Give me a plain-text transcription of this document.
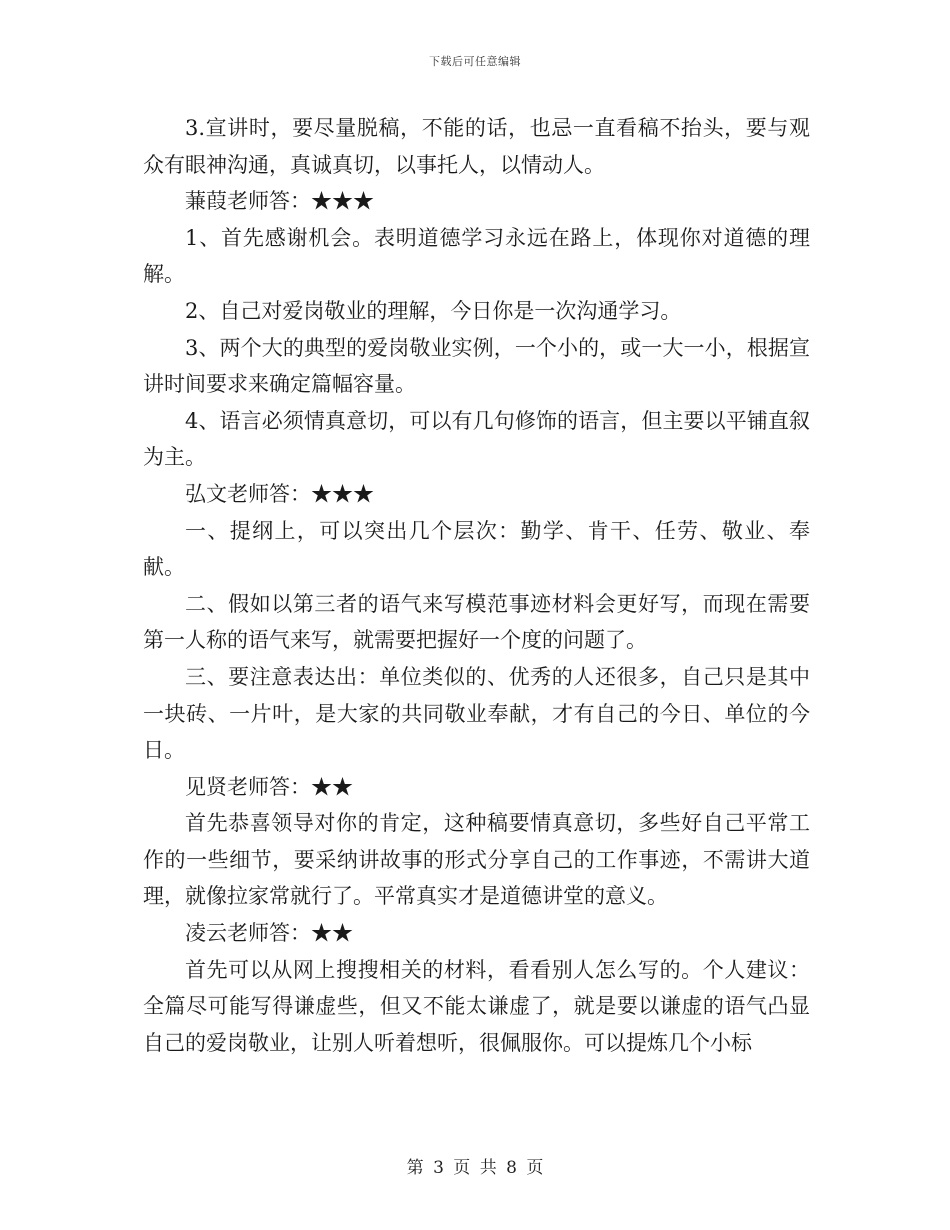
下载后可任意编辑

3.宣讲时，要尽量脱稿，不能的话，也忌一直看稿不抬头，要与观众有眼神沟通，真诚真切，以事托人，以情动人。

蒹葭老师答：★★★

1、首先感谢机会。表明道德学习永远在路上，体现你对道德的理解。

2、自己对爱岗敬业的理解，今日你是一次沟通学习。

3、两个大的典型的爱岗敬业实例，一个小的，或一大一小，根据宣讲时间要求来确定篇幅容量。

4、语言必须情真意切，可以有几句修饰的语言，但主要以平铺直叙为主。

弘文老师答：★★★

一、提纲上，可以突出几个层次：勤学、肯干、任劳、敬业、奉献。

二、假如以第三者的语气来写模范事迹材料会更好写，而现在需要第一人称的语气来写，就需要把握好一个度的问题了。

三、要注意表达出：单位类似的、优秀的人还很多，自己只是其中一块砖、一片叶，是大家的共同敬业奉献，才有自己的今日、单位的今日。

见贤老师答：★★

首先恭喜领导对你的肯定，这种稿要情真意切，多些好自己平常工作的一些细节，要采纳讲故事的形式分享自己的工作事迹，不需讲大道理，就像拉家常就行了。平常真实才是道德讲堂的意义。

凌云老师答：★★

首先可以从网上搜搜相关的材料，看看别人怎么写的。个人建议：全篇尽可能写得谦虚些，但又不能太谦虚了，就是要以谦虚的语气凸显自己的爱岗敬业，让别人听着想听，很佩服你。可以提炼几个小标

第 3 页 共 8 页
